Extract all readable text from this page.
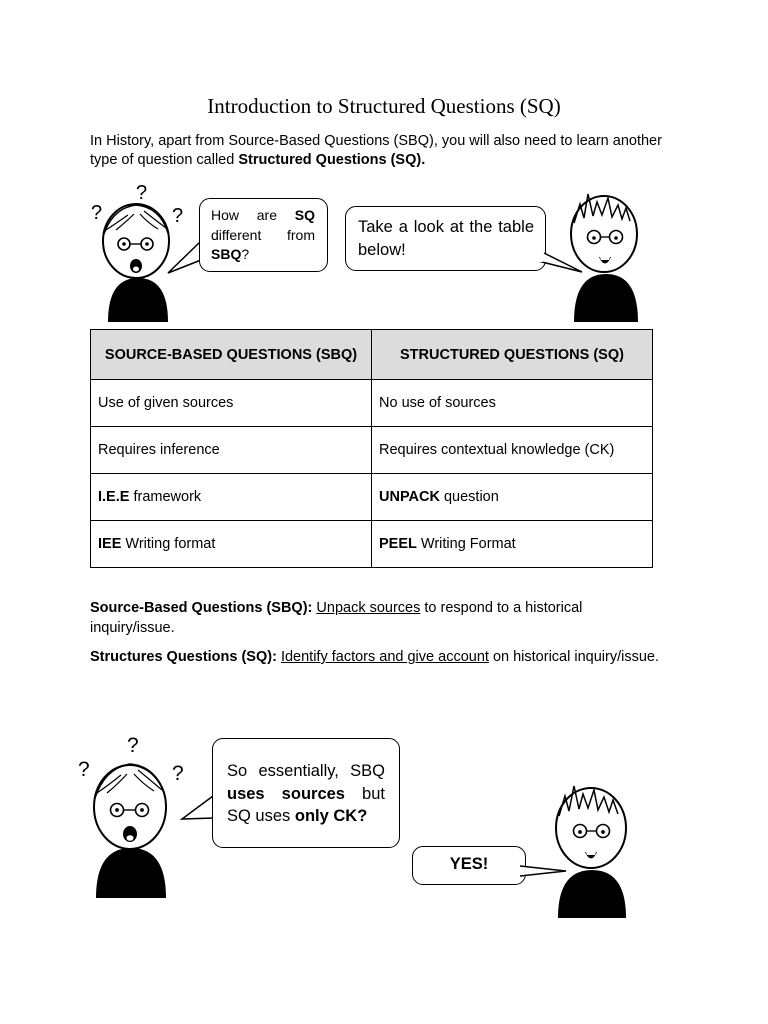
Introduction to Structured Questions (SQ)
In History, apart from Source-Based Questions (SBQ), you will also need to learn another type of question called Structured Questions (SQ).
?
?	? How are SQ different from SBQ?
Take a look at the table below!
SOURCE-BASED QUESTIONS (SBQ)	STRUCTURED QUESTIONS (SQ)
Use of given sources	No use of sources
Requires inference	Requires contextual knowledge (CK)
I.E.E framework	UNPACK question
IEE Writing format	PEEL Writing Format
Source-Based Questions (SBQ): Unpack sources to respond to a historical inquiry/issue.
Structures Questions (SQ): Identify factors and give account on historical inquiry/issue.
?
?	?	So essentially, SBQ uses sources but SQ uses only CK?
YES!
